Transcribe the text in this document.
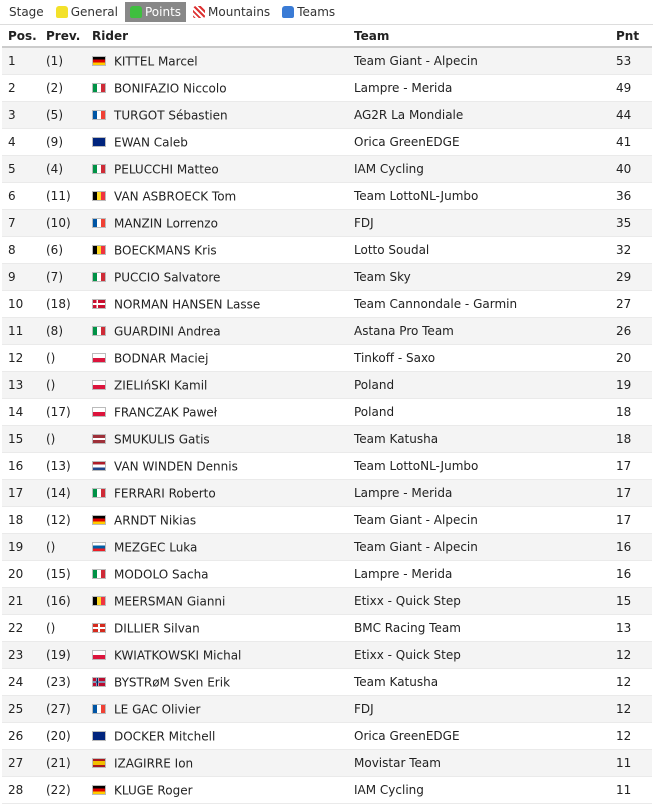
Stage General Points Mountains Teams
Pos.	Prev.	Rider	Team	Pnt
1	(1)	KITTEL Marcel	Team Giant - Alpecin	53
2	(2)	BONIFAZIO Niccolo	Lampre - Merida	49
3	(5)	TURGOT Sébastien	AG2R La Mondiale	44
4	(9)	EWAN Caleb	Orica GreenEDGE	41
5	(4)	PELUCCHI Matteo	IAM Cycling	40
6	(11)	VAN ASBROECK Tom	Team LottoNL-Jumbo	36
7	(10)	MANZIN Lorrenzo	FDJ	35
8	(6)	BOECKMANS Kris	Lotto Soudal	32
9	(7)	PUCCIO Salvatore	Team Sky	29
10	(18)	NORMAN HANSEN Lasse	Team Cannondale - Garmin	27
11	(8)	GUARDINI Andrea	Astana Pro Team	26
12	()	BODNAR Maciej	Tinkoff - Saxo	20
13	()	ZIELIńSKI Kamil	Poland	19
14	(17)	FRANCZAK Paweł	Poland	18
15	()	SMUKULIS Gatis	Team Katusha	18
16	(13)	VAN WINDEN Dennis	Team LottoNL-Jumbo	17
17	(14)	FERRARI Roberto	Lampre - Merida	17
18	(12)	ARNDT Nikias	Team Giant - Alpecin	17
19	()	MEZGEC Luka	Team Giant - Alpecin	16
20	(15)	MODOLO Sacha	Lampre - Merida	16
21	(16)	MEERSMAN Gianni	Etixx - Quick Step	15
22	()	DILLIER Silvan	BMC Racing Team	13
23	(19)	KWIATKOWSKI Michal	Etixx - Quick Step	12
24	(23)	BYSTRøM Sven Erik	Team Katusha	12
25	(27)	LE GAC Olivier	FDJ	12
26	(20)	DOCKER Mitchell	Orica GreenEDGE	12
27	(21)	IZAGIRRE Ion	Movistar Team	11
28	(22)	KLUGE Roger	IAM Cycling	11
